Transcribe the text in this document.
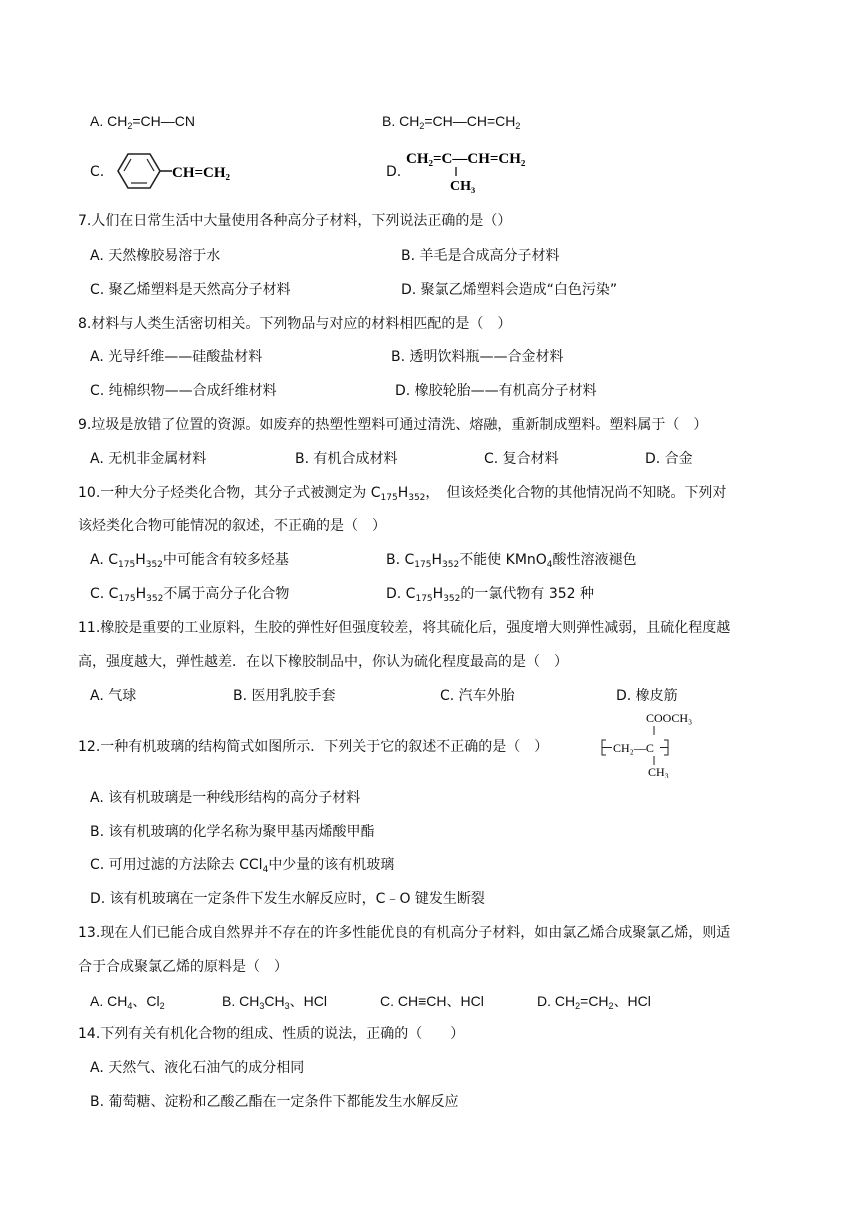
A. $CH_2=CH—CN$	B. $CH_2=CH—CH=CH_2$
C.	CH=CH₂	D.
CH₂=C—CH=CH₂
CH₃
7.人们在日常生活中大量使用各种高分子材料，下列说法正确的是（）
A. 天然橡胶易溶于水	B. 羊毛是合成高分子材料
C. 聚乙烯塑料是天然高分子材料	D. 聚氯乙烯塑料会造成“白色污染”
8.材料与人类生活密切相关。下列物品与对应的材料相匹配的是（　）
A. 光导纤维——硅酸盐材料	B. 透明饮料瓶——合金材料
C. 纯棉织物——合成纤维材料	D. 橡胶轮胎——有机高分子材料
9.垃圾是放错了位置的资源。如废弃的热塑性塑料可通过清洗、熔融，重新制成塑料。塑料属于（　）
A. 无机非金属材料	B. 有机合成材料	C. 复合材料	D. 合金
10.一种大分子烃类化合物，其分子式被测定为 $C_{175}H_{352}$，　但该烃类化合物的其他情况尚不知晓。下列对
该烃类化合物可能情况的叙述，不正确的是（　）
A. $C_{175}H_{352}$中可能含有较多烃基	B. $C_{175}H_{352}$不能使 KMnO$_4$酸性溶液褪色
C. $C_{175}H_{352}$不属于高分子化合物	D. $C_{175}H_{352}$的一氯代物有 352 种
11.橡胶是重要的工业原料，生胶的弹性好但强度较差，将其硫化后，强度增大则弹性减弱，且硫化程度越
高，强度越大，弹性越差．在以下橡胶制品中，你认为硫化程度最高的是（　）
A. 气球	B. 医用乳胶手套	C. 汽车外胎	D. 橡皮筋
12.一种有机玻璃的结构简式如图所示．下列关于它的叙述不正确的是（　）
COOCH₃
CH₂—C
CH₃
A. 该有机玻璃是一种线形结构的高分子材料
B. 该有机玻璃的化学名称为聚甲基丙烯酸甲酯
C. 可用过滤的方法除去 CCl$_4$中少量的该有机玻璃
D. 该有机玻璃在一定条件下发生水解反应时，C﹣O 键发生断裂
13.现在人们已能合成自然界并不存在的许多性能优良的有机高分子材料，如由氯乙烯合成聚氯乙烯，则适
合于合成聚氯乙烯的原料是（　）
A. $CH_4$、$Cl_2$	B. $CH_3CH_3$、HCl	C. CH≡CH、HCl	D. $CH_2=CH_2$、HCl
14.下列有关有机化合物的组成、性质的说法，正确的（　　）
A. 天然气、液化石油气的成分相同
B. 葡萄糖、淀粉和乙酸乙酯在一定条件下都能发生水解反应
